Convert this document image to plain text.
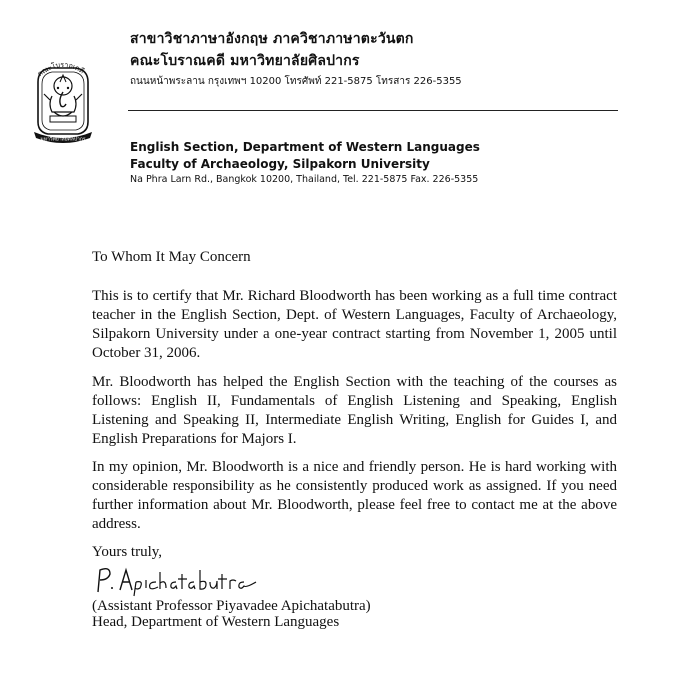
คณะโบราณคดี
มหาวิทยาลัยศิลปากร
สาขาวิชาภาษาอังกฤษ ภาควิชาภาษาตะวันตก
คณะโบราณคดี มหาวิทยาลัยศิลปากร
ถนนหน้าพระลาน กรุงเทพฯ 10200 โทรศัพท์ 221-5875 โทรสาร 226-5355
English Section, Department of Western Languages
Faculty of Archaeology, Silpakorn University
Na Phra Larn Rd., Bangkok 10200, Thailand, Tel. 221-5875 Fax. 226-5355
To Whom It May Concern
This is to certify that Mr. Richard Bloodworth has been working as a full time contract teacher in the English Section, Dept. of Western Languages, Faculty of Archaeology, Silpakorn University under a one-year contract starting from November 1, 2005 until October 31, 2006.
Mr. Bloodworth has helped the English Section with the teaching of the courses as follows: English II, Fundamentals of English Listening and Speaking, English Listening and Speaking II, Intermediate English Writing, English for Guides I, and English Preparations for Majors I.
In my opinion, Mr. Bloodworth is a nice and friendly person. He is hard working with considerable responsibility as he consistently produced work as assigned. If you need further information about Mr. Bloodworth, please feel free to contact me at the above address.
Yours truly,
(Assistant Professor Piyavadee Apichatabutra)
Head, Department of Western Languages
